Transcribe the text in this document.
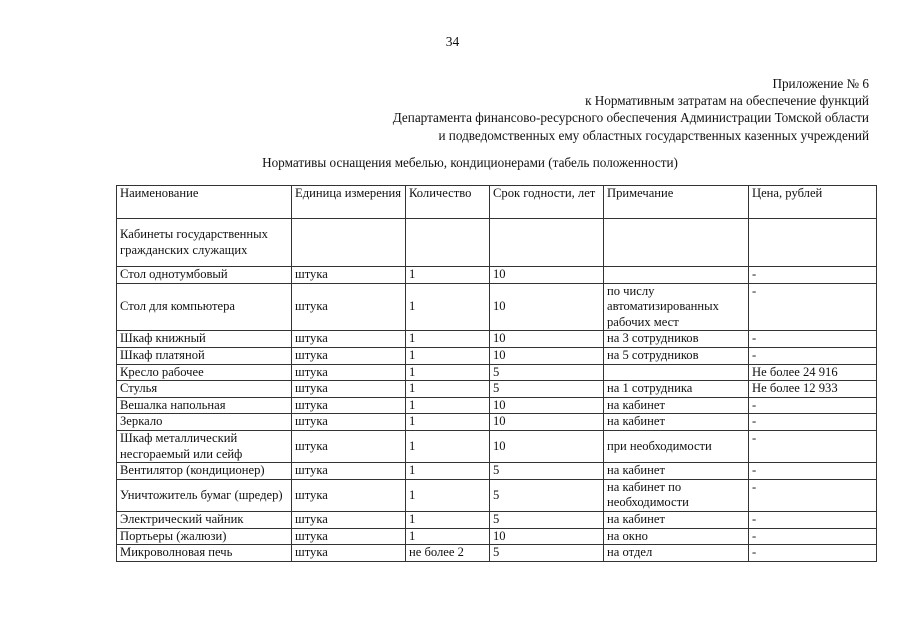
34
Приложение № 6
к Нормативным затратам на обеспечение функций
Департамента финансово-ресурсного обеспечения Администрации Томской области
и подведомственных ему областных государственных казенных учреждений
Нормативы оснащения мебелью, кондиционерами (табель положенности)
Наименование	Единица измерения	Количество	Срок годности, лет	Примечание	Цена, рублей
Кабинеты государственных гражданских служащих					
Стол однотумбовый	штука	1	10		-
Стол для компьютера	штука	1	10	по числу автоматизированных рабочих мест	-
Шкаф книжный	штука	1	10	на 3 сотрудников	-
Шкаф платяной	штука	1	10	на 5 сотрудников	-
Кресло рабочее	штука	1	5		Не более 24 916
Стулья	штука	1	5	на 1 сотрудника	Не более 12 933
Вешалка напольная	штука	1	10	на кабинет	-
Зеркало	штука	1	10	на кабинет	-
Шкаф металлический несгораемый или сейф	штука	1	10	при необходимости	-
Вентилятор (кондиционер)	штука	1	5	на кабинет	-
Уничтожитель бумаг (шредер)	штука	1	5	на кабинет по необходимости	-
Электрический чайник	штука	1	5	на кабинет	-
Портьеры (жалюзи)	штука	1	10	на окно	-
Микроволновая печь	штука	не более 2	5	на отдел	-
